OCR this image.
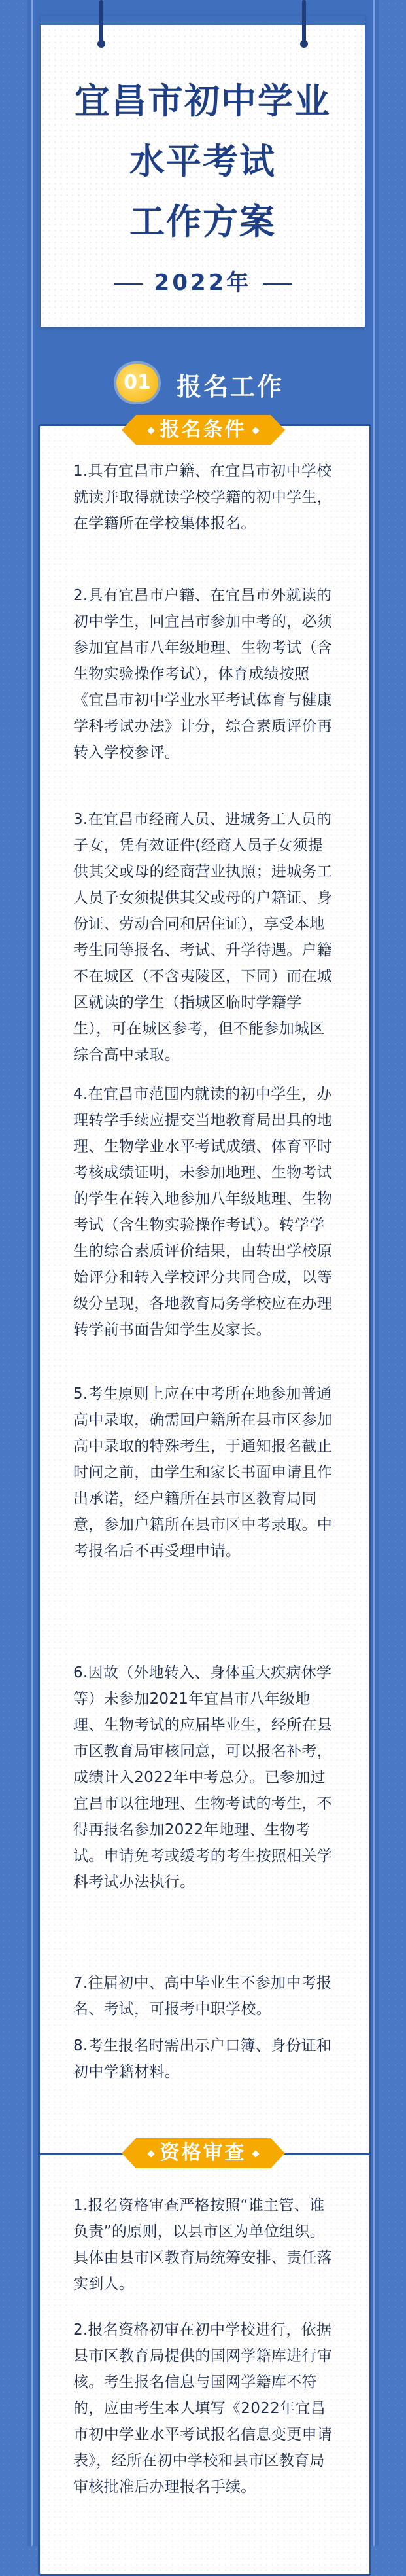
宜昌市初中学业
水平考试
工作方案
2022年
01 报名工作
报名条件
1.具有宜昌市户籍、在宜昌市初中学校就读并取得就读学校学籍的初中学生，在学籍所在学校集体报名。
2.具有宜昌市户籍、在宜昌市外就读的初中学生，回宜昌市参加中考的，必须参加宜昌市八年级地理、生物考试（含生物实验操作考试），体育成绩按照《宜昌市初中学业水平考试体育与健康学科考试办法》计分，综合素质评价再转入学校参评。
3.在宜昌市经商人员、进城务工人员的子女，凭有效证件(经商人员子女须提供其父或母的经商营业执照；进城务工人员子女须提供其父或母的户籍证、身份证、劳动合同和居住证），享受本地考生同等报名、考试、升学待遇。户籍不在城区（不含夷陵区，下同）而在城区就读的学生（指城区临时学籍学生），可在城区参考，但不能参加城区综合高中录取。
4.在宜昌市范围内就读的初中学生，办理转学手续应提交当地教育局出具的地理、生物学业水平考试成绩、体育平时考核成绩证明，未参加地理、生物考试的学生在转入地参加八年级地理、生物考试（含生物实验操作考试）。转学学生的综合素质评价结果，由转出学校原始评分和转入学校评分共同合成，以等级分呈现，各地教育局务学校应在办理转学前书面告知学生及家长。
5.考生原则上应在中考所在地参加普通高中录取，确需回户籍所在县市区参加高中录取的特殊考生，于通知报名截止时间之前，由学生和家长书面申请且作出承诺，经户籍所在县市区教育局同意，参加户籍所在县市区中考录取。中考报名后不再受理申请。
6.因故（外地转入、身体重大疾病休学等）未参加2021年宜昌市八年级地理、生物考试的应届毕业生，经所在县市区教育局审核同意，可以报名补考，成绩计入2022年中考总分。已参加过宜昌市以往地理、生物考试的考生，不得再报名参加2022年地理、生物考试。申请免考或缓考的考生按照相关学科考试办法执行。
7.往届初中、高中毕业生不参加中考报名、考试，可报考中职学校。
8.考生报名时需出示户口簿、身份证和初中学籍材料。
资格审查
1.报名资格审查严格按照“谁主管、谁负责”的原则，以县市区为单位组织。具体由县市区教育局统筹安排、责任落实到人。
2.报名资格初审在初中学校进行，依据县市区教育局提供的国网学籍库进行审核。考生报名信息与国网学籍库不符的，应由考生本人填写《2022年宜昌市初中学业水平考试报名信息变更申请表》，经所在初中学校和县市区教育局审核批准后办理报名手续。
